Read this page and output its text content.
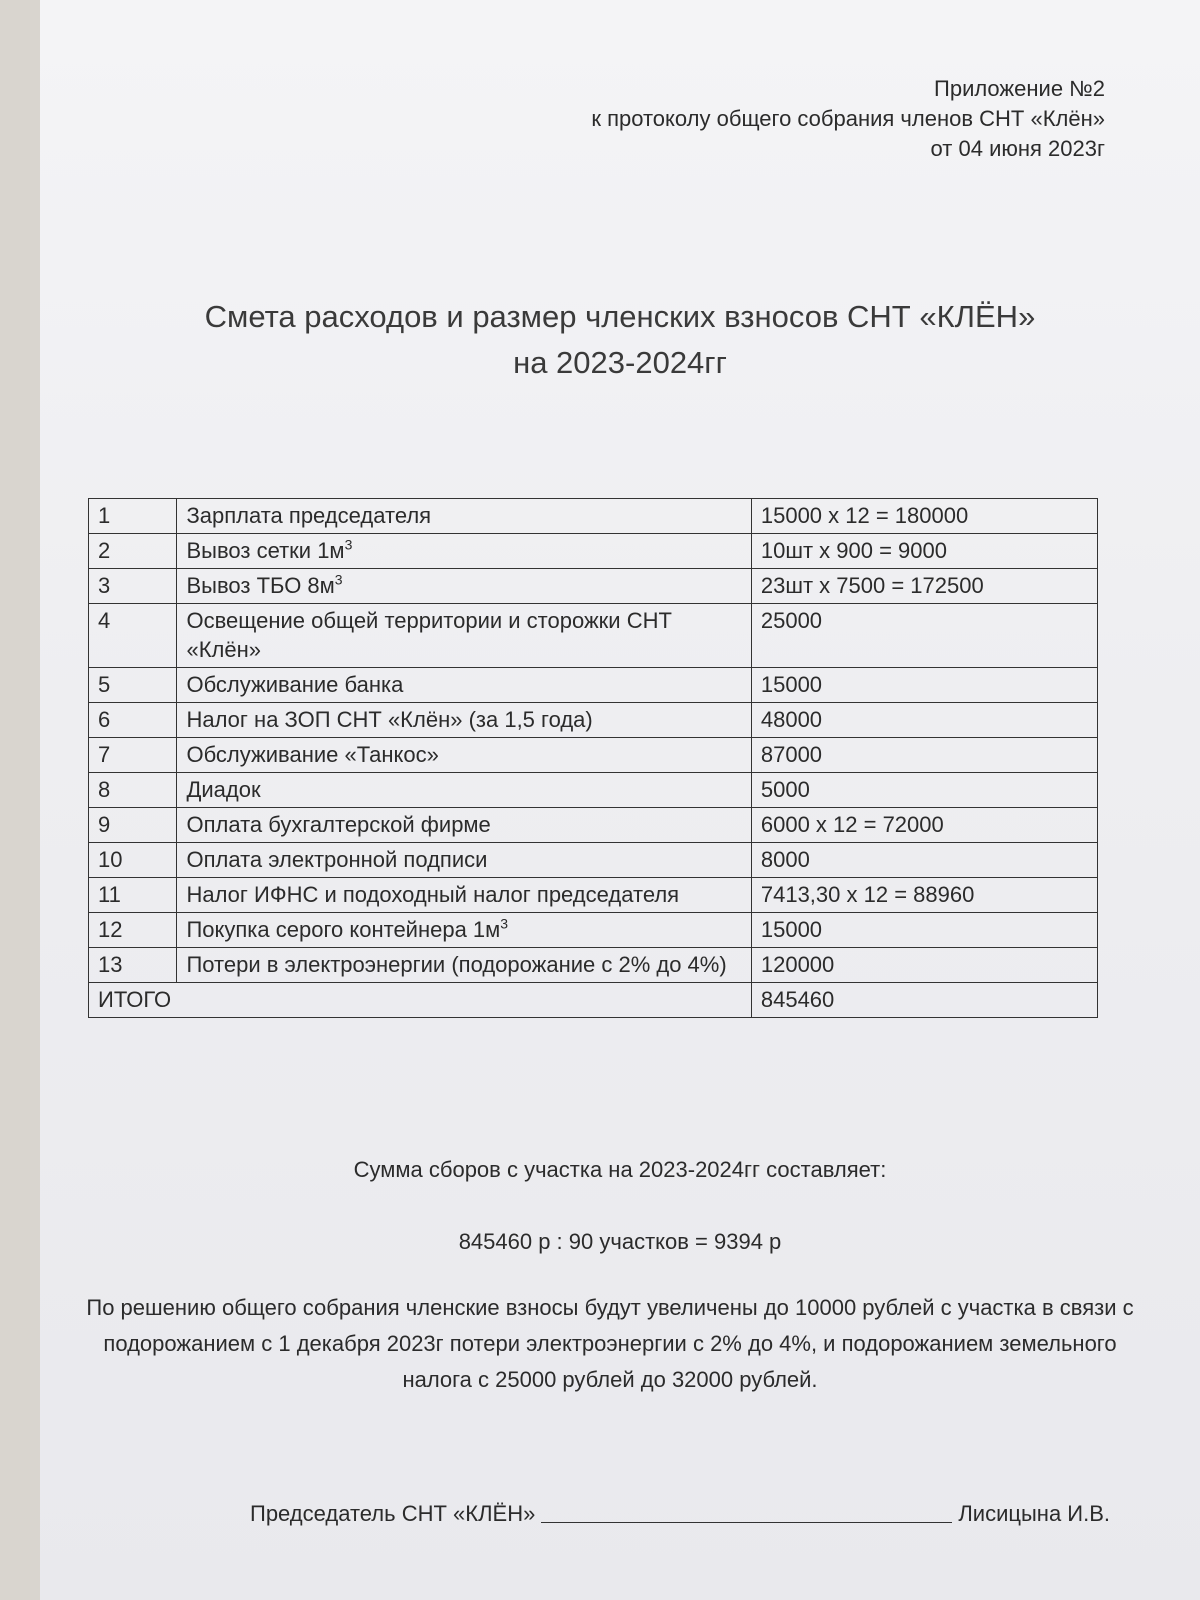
Приложение №2
к протоколу общего собрания членов СНТ «Клён»
от 04 июня 2023г
Смета расходов и размер членских взносов СНТ «КЛЁН»
на 2023-2024гг
1	Зарплата председателя	15000 х 12 = 180000
2	Вывоз сетки $1м^3$	10шт х 900 = 9000
3	Вывоз ТБО $8м^3$	23шт х 7500 = 172500
4	Освещение общей территории и сторожки СНТ «Клён»	25000
5	Обслуживание банка	15000
6	Налог на ЗОП СНТ «Клён» (за 1,5 года)	48000
7	Обслуживание «Танкос»	87000
8	Диадок	5000
9	Оплата бухгалтерской фирме	6000 х 12 = 72000
10	Оплата электронной подписи	8000
11	Налог ИФНС и подоходный налог председателя	7413,30 х 12 = 88960
12	Покупка серого контейнера $1м^3$	15000
13	Потери в электроэнергии (подорожание с 2% до 4%)	120000
ИТОГО		845460
Сумма сборов с участка на 2023-2024гг составляет:
845460 р : 90 участков = 9394 р
По решению общего собрания членские взносы будут увеличены до 10000 рублей с участка в связи с подорожанием с 1 декабря 2023г потери электроэнергии с 2% до 4%, и подорожанием земельного налога с 25000 рублей до 32000 рублей.
Председатель СНТ «КЛЁН»	Лисицына И.В.
